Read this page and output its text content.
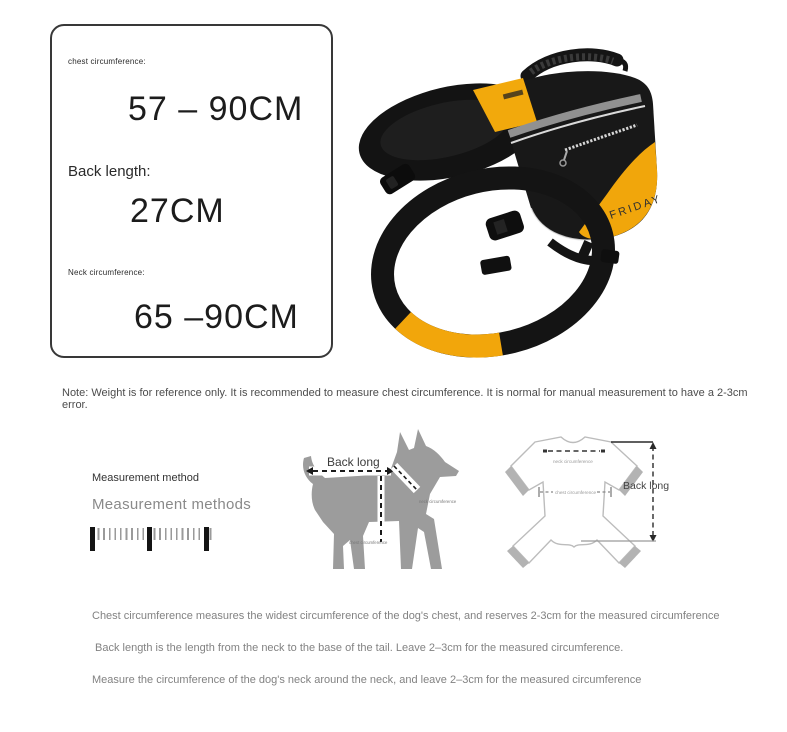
chest circumference:
57 – 90CM
Back length:
27CM
Neck circumference:
65 –90CM
FRIDAY
Note: Weight is for reference only. It is recommended to measure chest circumference. It is normal for manual measurement to have a 2-3cm error.
Measurement method
Measurement methods
Back long
neck circumference
chest circumference
neck circumference
chest circumference
Back long
Chest circumference measures the widest circumference of the dog's chest, and reserves 2-3cm for the measured circumference
Back length is the length from the neck to the base of the tail. Leave 2–3cm for the measured circumference.
Measure the circumference of the dog's neck around the neck, and leave 2–3cm for the measured circumference
